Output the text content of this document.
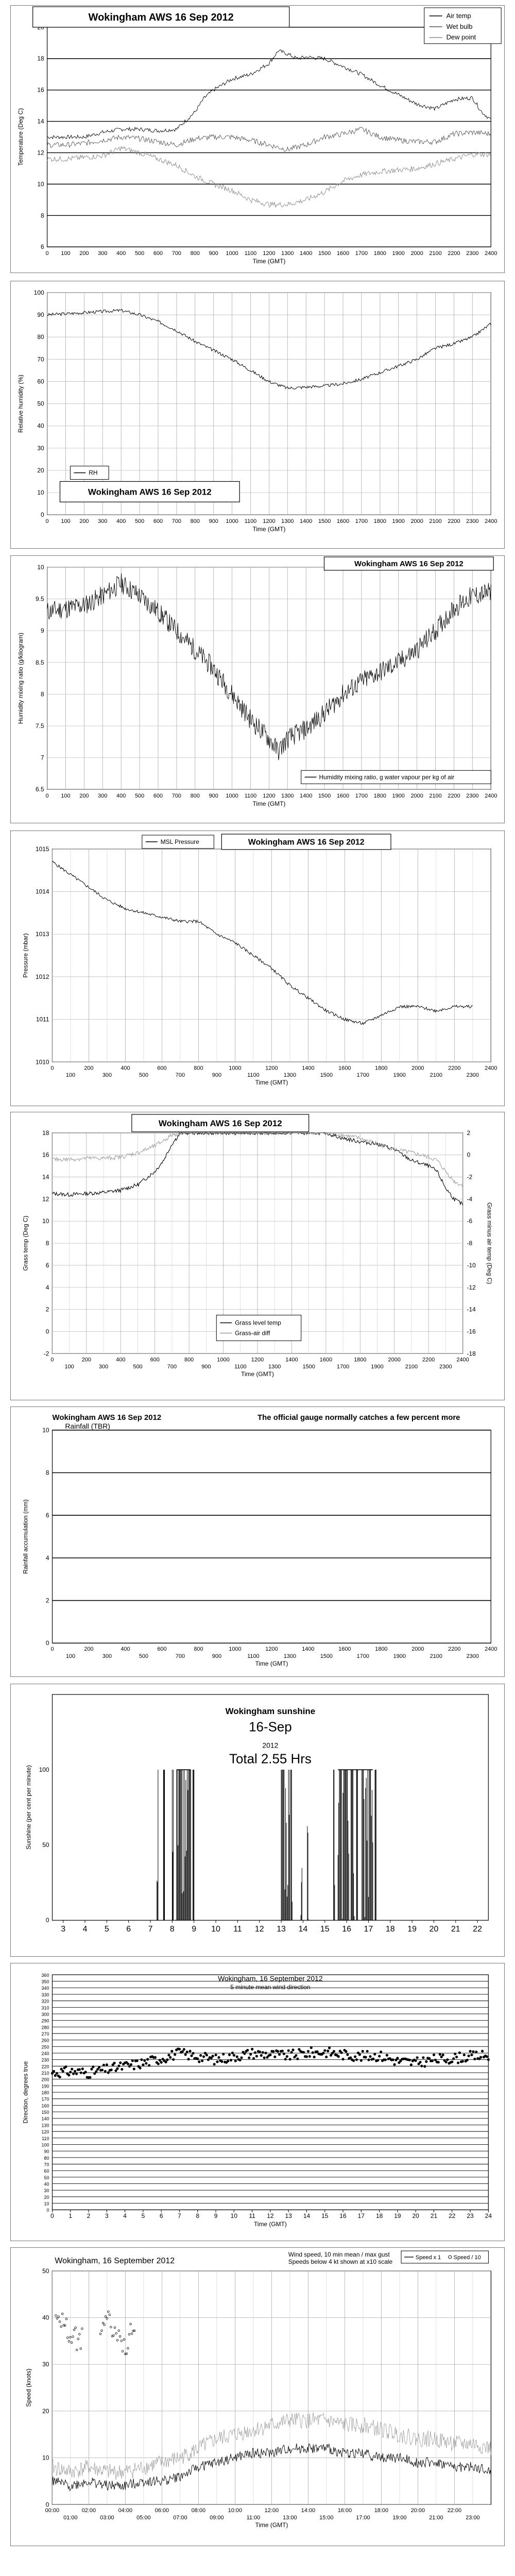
6
8
10
12
14
16
18
0 100 200 300 400 500 600 700 800 900 1000 1100 1200 1300 1400 1500 1600 1700 1800 1900 2000 2100 2200 2300 2400
Time (GMT)
Temperature (Deg C)
Wokingham AWS 16 Sep 2012	Air temp
Wet bulb
Dew point
0
10
20
30
40
50
60
70
80
90
100
0 100 200 300 400 500 600 700 800 900 1000 1100 1200 1300 1400 1500 1600 1700 1800 1900 2000 2100 2200 2300 2400
Time (GMT)
Relative humidity (%)
RH
Wokingham AWS 16 Sep 2012
6.5
7
7.5
8
8.5
9
9.5
10
0 100 200 300 400 500 600 700 800 900 1000 1100 1200 1300 1400 1500 1600 1700 1800 1900 2000 2100 2200 2300 2400
Time (GMT)
Humidity mixing ratio (g/kilogram)
Wokingham AWS 16 Sep 2012
Humidity mixing ratio, g water vapour per kg of air
1010
1011
1012
1013
1014
1015
0	200	400	600	800	1000	1200	1400	1600	1800	2000	2200	2400
100	300	500	700	900	1100	1300	1500	1700	1900	2100	2300
Time (GMT)
Pressure (mbar)
MSL Pressure	Wokingham AWS 16 Sep 2012
-2
0
2
4
6
8
10
12
14
16
18
0	200	400	600	800	1000	1200	1400	1600	1800	2000	2200	2400
100	300	500	700	900	1100	1300	1500	1700	1900	2100	2300
Time (GMT)
Grass temp (Deg C)
-18
-16
-14
-12
-10
-8
-6
-4
-2
0
2
Grass minus air temp (Deg C)
Wokingham AWS 16 Sep 2012
Grass level temp
Grass-air diff
0
2
4
6
8
10
0	200	400	600	800	1000	1200	1400	1600	1800	2000	2200	2400
100	300	500	700	900	1100	1300	1500	1700	1900	2100	2300
Time (GMT)
Rainfall accumulation (mm)
Wokingham AWS 16 Sep 2012
Rainfall (TBR)
The official gauge normally catches a few percent more
0
50
100
3 4 5 6 7 8 9 10 11 12 13 14 15 16 17 18 19 20 21 22
Sunshine (per cent per minute)
Wokingham sunshine
16-Sep
2012
Total 2.55 Hrs
0
10
20
30
40
50
60
70
80
90
100
110
120
130
140
150
160
170
180
190
200
210
220
230
240
250
260
270
280
290
300
310
320
330
340
350
360
0 1 2 3 4 5 6 7 8 9 10 11 12 13 14 15 16 17 18 19 20 21 22 23 24
Time (GMT)
Direction, degrees true
Wokingham, 16 September 2012
5 minute mean wind direction
0
10
20
30
40
50
00:00	02:00	04:00	06:00	08:00	10:00	12:00	14:00	16:00	18:00	20:00	22:00
01:00	03:00	05:00	07:00	09:00	11:00	13:00	15:00	17:00	19:00	21:00	23:00
Time (GMT)
Speed (knots)
Wokingham, 16 September 2012
Wind speed, 10 min mean / max gust
Speeds below 4 kt shown at x10 scale
Speed x 1 Speed / 10
